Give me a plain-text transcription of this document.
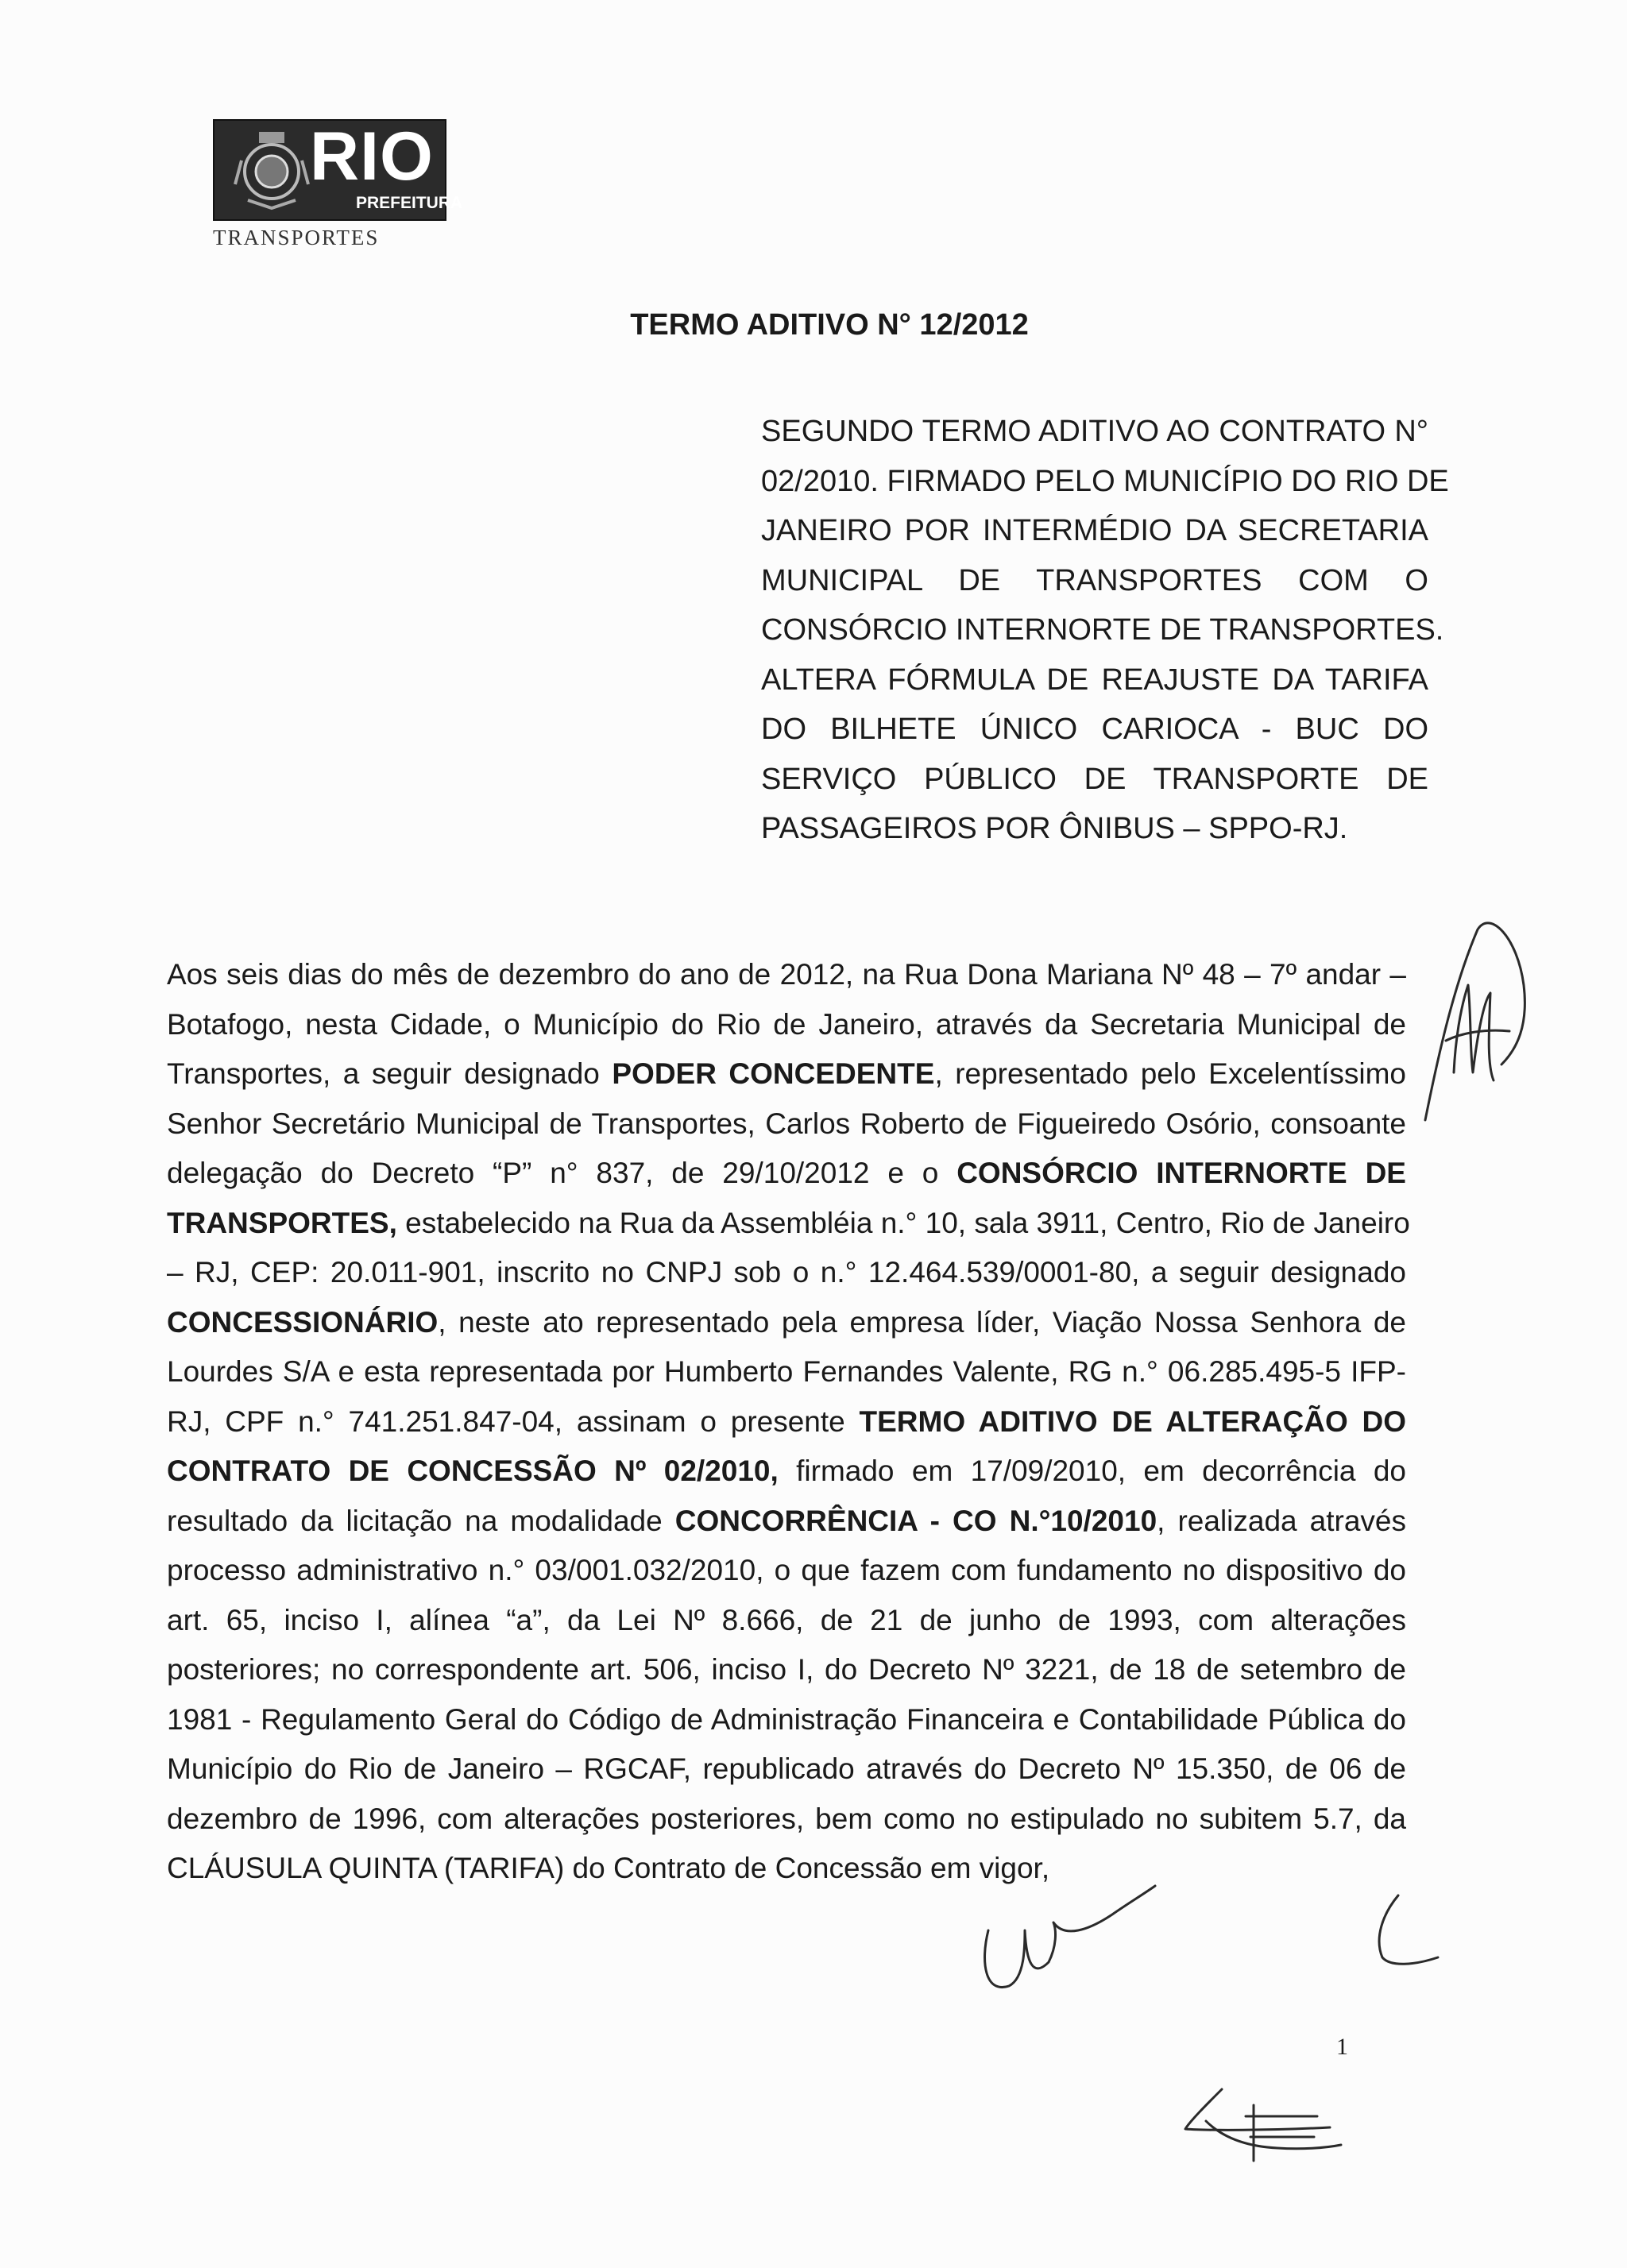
RIO
PREFEITURA
TRANSPORTES
TERMO ADITIVO N° 12/2012
SEGUNDO TERMO ADITIVO AO CONTRATO N°
02/2010. FIRMADO PELO MUNICÍPIO DO RIO DE
JANEIRO POR INTERMÉDIO DA SECRETARIA
MUNICIPAL DE TRANSPORTES COM O
CONSÓRCIO INTERNORTE DE TRANSPORTES.
ALTERA FÓRMULA DE REAJUSTE DA TARIFA
DO BILHETE ÚNICO CARIOCA - BUC DO
SERVIÇO PÚBLICO DE TRANSPORTE DE
PASSAGEIROS POR ÔNIBUS – SPPO-RJ.
Aos seis dias do mês de dezembro do ano de 2012, na Rua Dona Mariana Nº 48 – 7º andar –
Botafogo, nesta Cidade, o Município do Rio de Janeiro, através da Secretaria Municipal de
Transportes, a seguir designado PODER CONCEDENTE, representado pelo Excelentíssimo
Senhor Secretário Municipal de Transportes, Carlos Roberto de Figueiredo Osório, consoante
delegação do Decreto “P” n° 837, de 29/10/2012 e o CONSÓRCIO INTERNORTE DE
TRANSPORTES, estabelecido na Rua da Assembléia n.° 10, sala 3911, Centro, Rio de Janeiro
– RJ, CEP: 20.011-901, inscrito no CNPJ sob o n.° 12.464.539/0001-80, a seguir designado
CONCESSIONÁRIO, neste ato representado pela empresa líder, Viação Nossa Senhora de
Lourdes S/A e esta representada por Humberto Fernandes Valente, RG n.° 06.285.495-5 IFP-
RJ, CPF n.° 741.251.847-04, assinam o presente TERMO ADITIVO DE ALTERAÇÃO DO
CONTRATO DE CONCESSÃO Nº 02/2010, firmado em 17/09/2010, em decorrência do
resultado da licitação na modalidade CONCORRÊNCIA - CO N.°10/2010, realizada através
processo administrativo n.° 03/001.032/2010, o que fazem com fundamento no dispositivo do
art. 65, inciso I, alínea “a”, da Lei Nº 8.666, de 21 de junho de 1993, com alterações
posteriores; no correspondente art. 506, inciso I, do Decreto Nº 3221, de 18 de setembro de
1981 - Regulamento Geral do Código de Administração Financeira e Contabilidade Pública do
Município do Rio de Janeiro – RGCAF, republicado através do Decreto Nº 15.350, de 06 de
dezembro de 1996, com alterações posteriores, bem como no estipulado no subitem 5.7, da
CLÁUSULA QUINTA (TARIFA) do Contrato de Concessão em vigor,
1
